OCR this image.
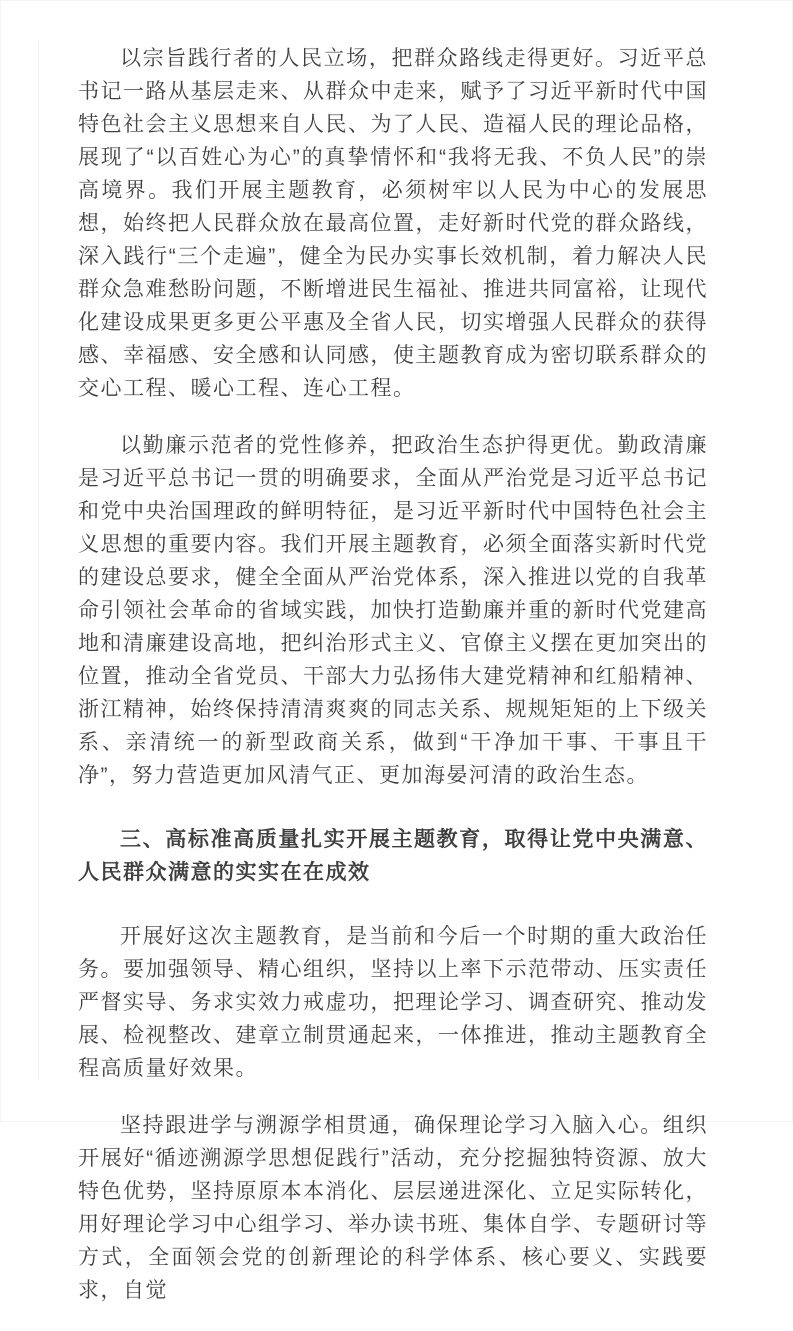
以宗旨践行者的人民立场，把群众路线走得更好。习近平总书记一路从基层走来、从群众中走来，赋予了习近平新时代中国特色社会主义思想来自人民、为了人民、造福人民的理论品格，展现了“以百姓心为心”的真挚情怀和“我将无我、不负人民”的崇高境界。我们开展主题教育，必须树牢以人民为中心的发展思想，始终把人民群众放在最高位置，走好新时代党的群众路线，深入践行“三个走遍”，健全为民办实事长效机制，着力解决人民群众急难愁盼问题，不断增进民生福祉、推进共同富裕，让现代化建设成果更多更公平惠及全省人民，切实增强人民群众的获得感、幸福感、安全感和认同感，使主题教育成为密切联系群众的交心工程、暖心工程、连心工程。

以勤廉示范者的党性修养，把政治生态护得更优。勤政清廉是习近平总书记一贯的明确要求，全面从严治党是习近平总书记和党中央治国理政的鲜明特征，是习近平新时代中国特色社会主义思想的重要内容。我们开展主题教育，必须全面落实新时代党的建设总要求，健全全面从严治党体系，深入推进以党的自我革命引领社会革命的省域实践，加快打造勤廉并重的新时代党建高地和清廉建设高地，把纠治形式主义、官僚主义摆在更加突出的位置，推动全省党员、干部大力弘扬伟大建党精神和红船精神、浙江精神，始终保持清清爽爽的同志关系、规规矩矩的上下级关系、亲清统一的新型政商关系，做到“干净加干事、干事且干净”，努力营造更加风清气正、更加海晏河清的政治生态。

三、高标准高质量扎实开展主题教育，取得让党中央满意、人民群众满意的实实在在成效

开展好这次主题教育，是当前和今后一个时期的重大政治任务。要加强领导、精心组织，坚持以上率下示范带动、压实责任严督实导、务求实效力戒虚功，把理论学习、调查研究、推动发展、检视整改、建章立制贯通起来，一体推进，推动主题教育全程高质量好效果。

坚持跟进学与溯源学相贯通，确保理论学习入脑入心。组织开展好“循迹溯源学思想促践行”活动，充分挖掘独特资源、放大特色优势，坚持原原本本消化、层层递进深化、立足实际转化，用好理论学习中心组学习、举办读书班、集体自学、专题研讨等方式，全面领会党的创新理论的科学体系、核心要义、实践要求，自觉
